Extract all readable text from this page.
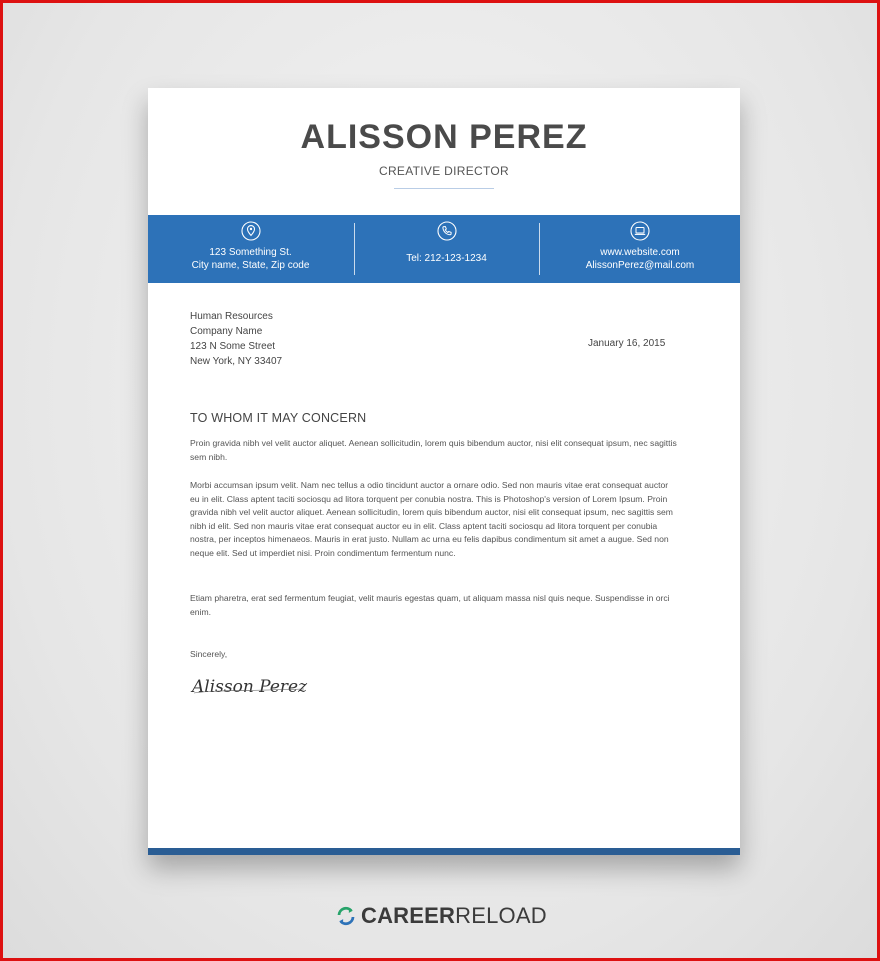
ALISSON PEREZ
CREATIVE DIRECTOR
123 Something St.
City name, State, Zip code
Tel: 212-123-1234
www.website.com
AlissonPerez@mail.com
Human Resources
Company Name
123 N Some Street
New York, NY 33407
January 16, 2015
TO WHOM IT MAY CONCERN
Proin gravida nibh vel velit auctor aliquet. Aenean sollicitudin, lorem quis bibendum auctor, nisi elit consequat ipsum, nec sagittis sem nibh.
Morbi accumsan ipsum velit. Nam nec tellus a odio tincidunt auctor a ornare odio. Sed non mauris vitae erat consequat auctor eu in elit. Class aptent taciti sociosqu ad litora torquent per conubia nostra. This is Photoshop's version of Lorem Ipsum. Proin gravida nibh vel velit auctor aliquet. Aenean sollicitudin, lorem quis bibendum auctor, nisi elit consequat ipsum, nec sagittis sem nibh id elit. Sed non mauris vitae erat consequat auctor eu in elit. Class aptent taciti sociosqu ad litora torquent per conubia nostra, per inceptos himenaeos. Mauris in erat justo. Nullam ac urna eu felis dapibus condimentum sit amet a augue. Sed non neque elit. Sed ut imperdiet nisi. Proin condimentum fermentum nunc.
Etiam pharetra, erat sed fermentum feugiat, velit mauris egestas quam, ut aliquam massa nisl quis neque. Suspendisse in orci enim.
Sincerely,
Alisson Perez
CAREERRELOAD
